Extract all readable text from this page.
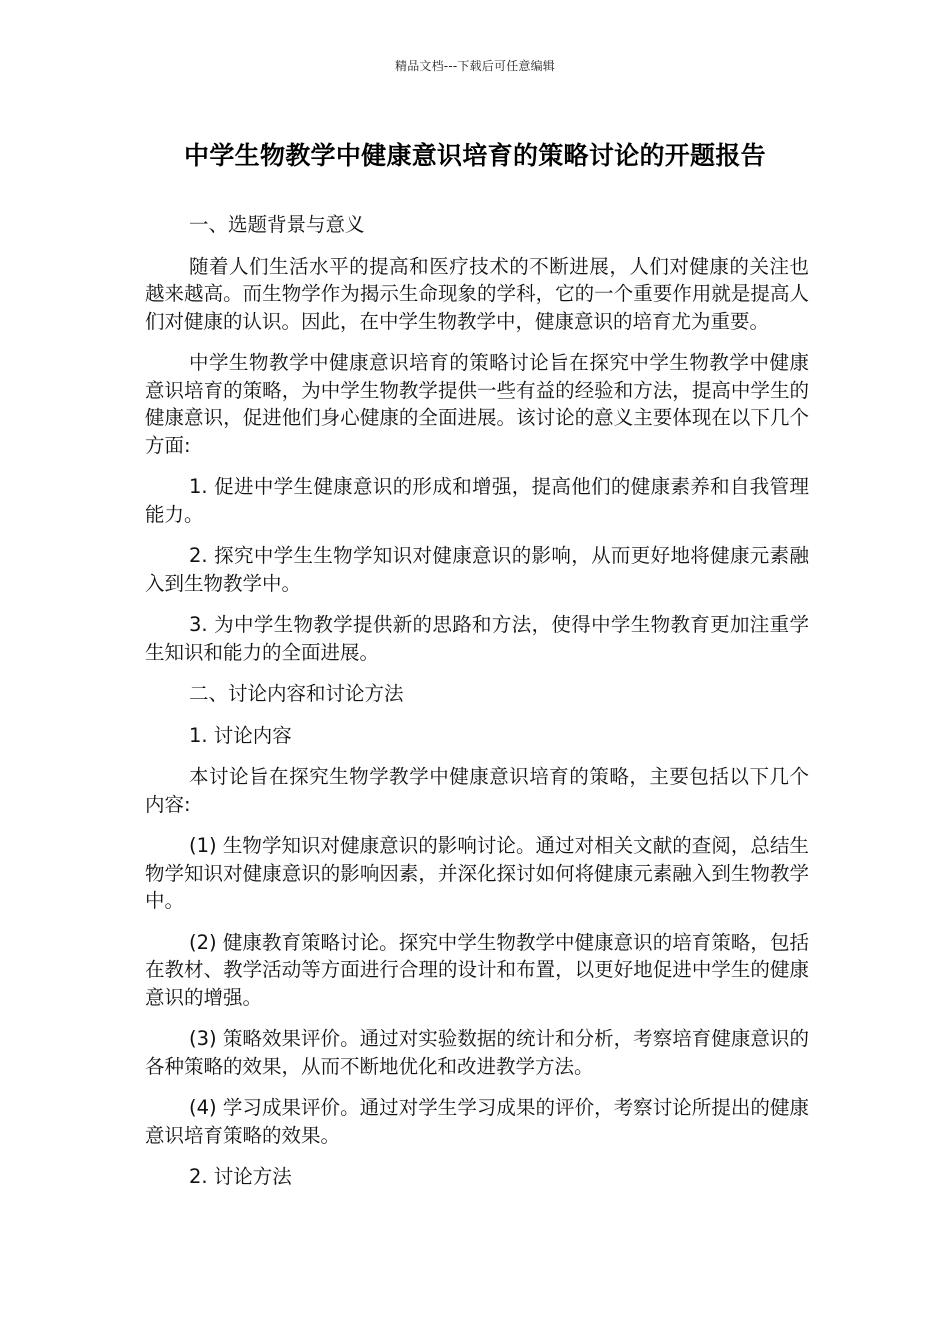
精品文档---下载后可任意编辑
中学生物教学中健康意识培育的策略讨论的开题报告

一、选题背景与意义

随着人们生活水平的提高和医疗技术的不断进展，人们对健康的关注也越来越高。而生物学作为揭示生命现象的学科，它的一个重要作用就是提高人们对健康的认识。因此，在中学生物教学中，健康意识的培育尤为重要。

中学生物教学中健康意识培育的策略讨论旨在探究中学生物教学中健康意识培育的策略，为中学生物教学提供一些有益的经验和方法，提高中学生的健康意识，促进他们身心健康的全面进展。该讨论的意义主要体现在以下几个方面:

1. 促进中学生健康意识的形成和增强，提高他们的健康素养和自我管理能力。

2. 探究中学生生物学知识对健康意识的影响，从而更好地将健康元素融入到生物教学中。

3. 为中学生物教学提供新的思路和方法，使得中学生物教育更加注重学生知识和能力的全面进展。

二、讨论内容和讨论方法

1. 讨论内容

本讨论旨在探究生物学教学中健康意识培育的策略，主要包括以下几个内容:

(1) 生物学知识对健康意识的影响讨论。通过对相关文献的查阅，总结生物学知识对健康意识的影响因素，并深化探讨如何将健康元素融入到生物教学中。

(2) 健康教育策略讨论。探究中学生物教学中健康意识的培育策略，包括在教材、教学活动等方面进行合理的设计和布置，以更好地促进中学生的健康意识的增强。

(3) 策略效果评价。通过对实验数据的统计和分析，考察培育健康意识的各种策略的效果，从而不断地优化和改进教学方法。

(4) 学习成果评价。通过对学生学习成果的评价，考察讨论所提出的健康意识培育策略的效果。

2. 讨论方法
